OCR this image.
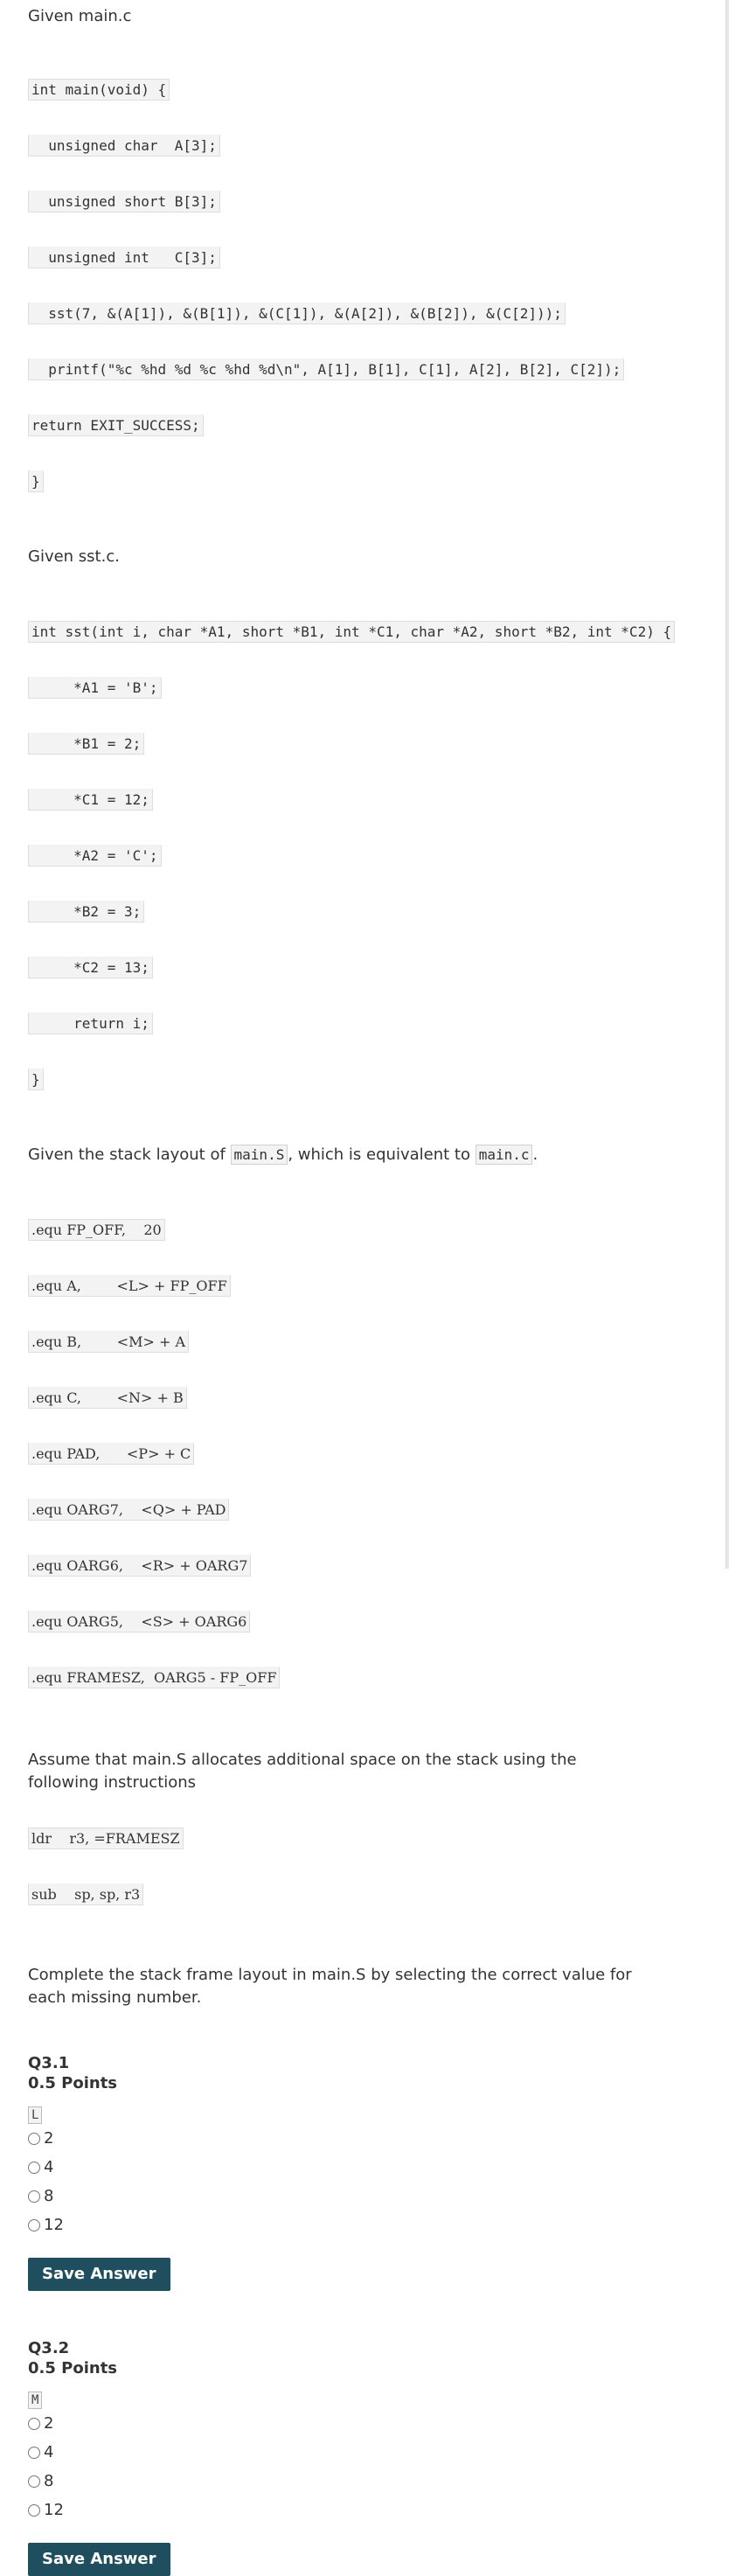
Given main.c

int main(void) {

unsigned char  A[3];

unsigned short B[3];

unsigned int   C[3];

sst(7, &(A[1]), &(B[1]), &(C[1]), &(A[2]), &(B[2]), &(C[2]));

printf("%c %hd %d %c %hd %d\n", A[1], B[1], C[1], A[2], B[2], C[2]);

return EXIT_SUCCESS;

}

Given sst.c.

int sst(int i, char *A1, short *B1, int *C1, char *A2, short *B2, int *C2) {

*A1 = 'B';

*B1 = 2;

*C1 = 12;

*A2 = 'C';

*B2 = 3;

*C2 = 13;

return i;

}

Given the stack layout of main.S , which is equivalent to main.c .

.equ FP_OFF,    20

.equ A,        <L> + FP_OFF

.equ B,        <M> + A

.equ C,        <N> + B

.equ PAD,      <P> + C

.equ OARG7,    <Q> + PAD

.equ OARG6,    <R> + OARG7

.equ OARG5,    <S> + OARG6

.equ FRAMESZ,  OARG5 - FP_OFF

Assume that main.S allocates additional space on the stack using the following instructions

ldr    r3, =FRAMESZ

sub    sp, sp, r3

Complete the stack frame layout in main.S by selecting the correct value for each missing number.

Q3.1

0.5 Points

L
2
4
8
12
Save Answer

Q3.2

0.5 Points

M
2
4
8
12
Save Answer
